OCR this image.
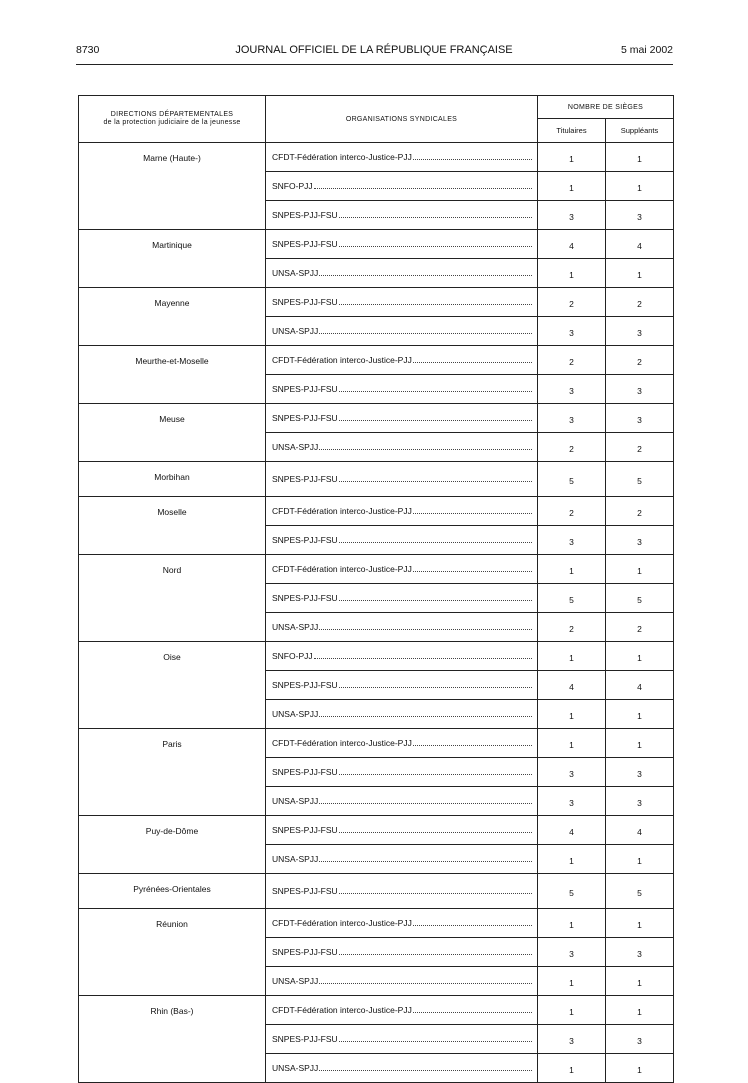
8730	JOURNAL OFFICIEL DE LA RÉPUBLIQUE FRANÇAISE	5 mai 2002
DIRECTIONS DÉPARTEMENTALES
de la protection judiciaire de la jeunesse	ORGANISATIONS SYNDICALES	NOMBRE DE SIÈGES	
		Titulaires	Suppléants
Marne (Haute-)	CFDT-Fédération interco-Justice-PJJ	1	1

	SNFO-PJJ	1	1

	SNPES-PJJ-FSU	3	3
Martinique	SNPES-PJJ-FSU	4	4

	UNSA-SPJJ	1	1
Mayenne	SNPES-PJJ-FSU	2	2

	UNSA-SPJJ	3	3
Meurthe-et-Moselle	CFDT-Fédération interco-Justice-PJJ	2	2

	SNPES-PJJ-FSU	3	3
Meuse	SNPES-PJJ-FSU	3	3

	UNSA-SPJJ	2	2
Morbihan	SNPES-PJJ-FSU	5	5
Moselle	CFDT-Fédération interco-Justice-PJJ	2	2

	SNPES-PJJ-FSU	3	3
Nord	CFDT-Fédération interco-Justice-PJJ	1	1

	SNPES-PJJ-FSU	5	5

	UNSA-SPJJ	2	2
Oise	SNFO-PJJ	1	1

	SNPES-PJJ-FSU	4	4

	UNSA-SPJJ	1	1
Paris	CFDT-Fédération interco-Justice-PJJ	1	1

	SNPES-PJJ-FSU	3	3

	UNSA-SPJJ	3	3
Puy-de-Dôme	SNPES-PJJ-FSU	4	4

	UNSA-SPJJ	1	1
Pyrénées-Orientales	SNPES-PJJ-FSU	5	5
Réunion	CFDT-Fédération interco-Justice-PJJ	1	1

	SNPES-PJJ-FSU	3	3

	UNSA-SPJJ	1	1
Rhin (Bas-)	CFDT-Fédération interco-Justice-PJJ	1	1

	SNPES-PJJ-FSU	3	3

	UNSA-SPJJ	1	1
